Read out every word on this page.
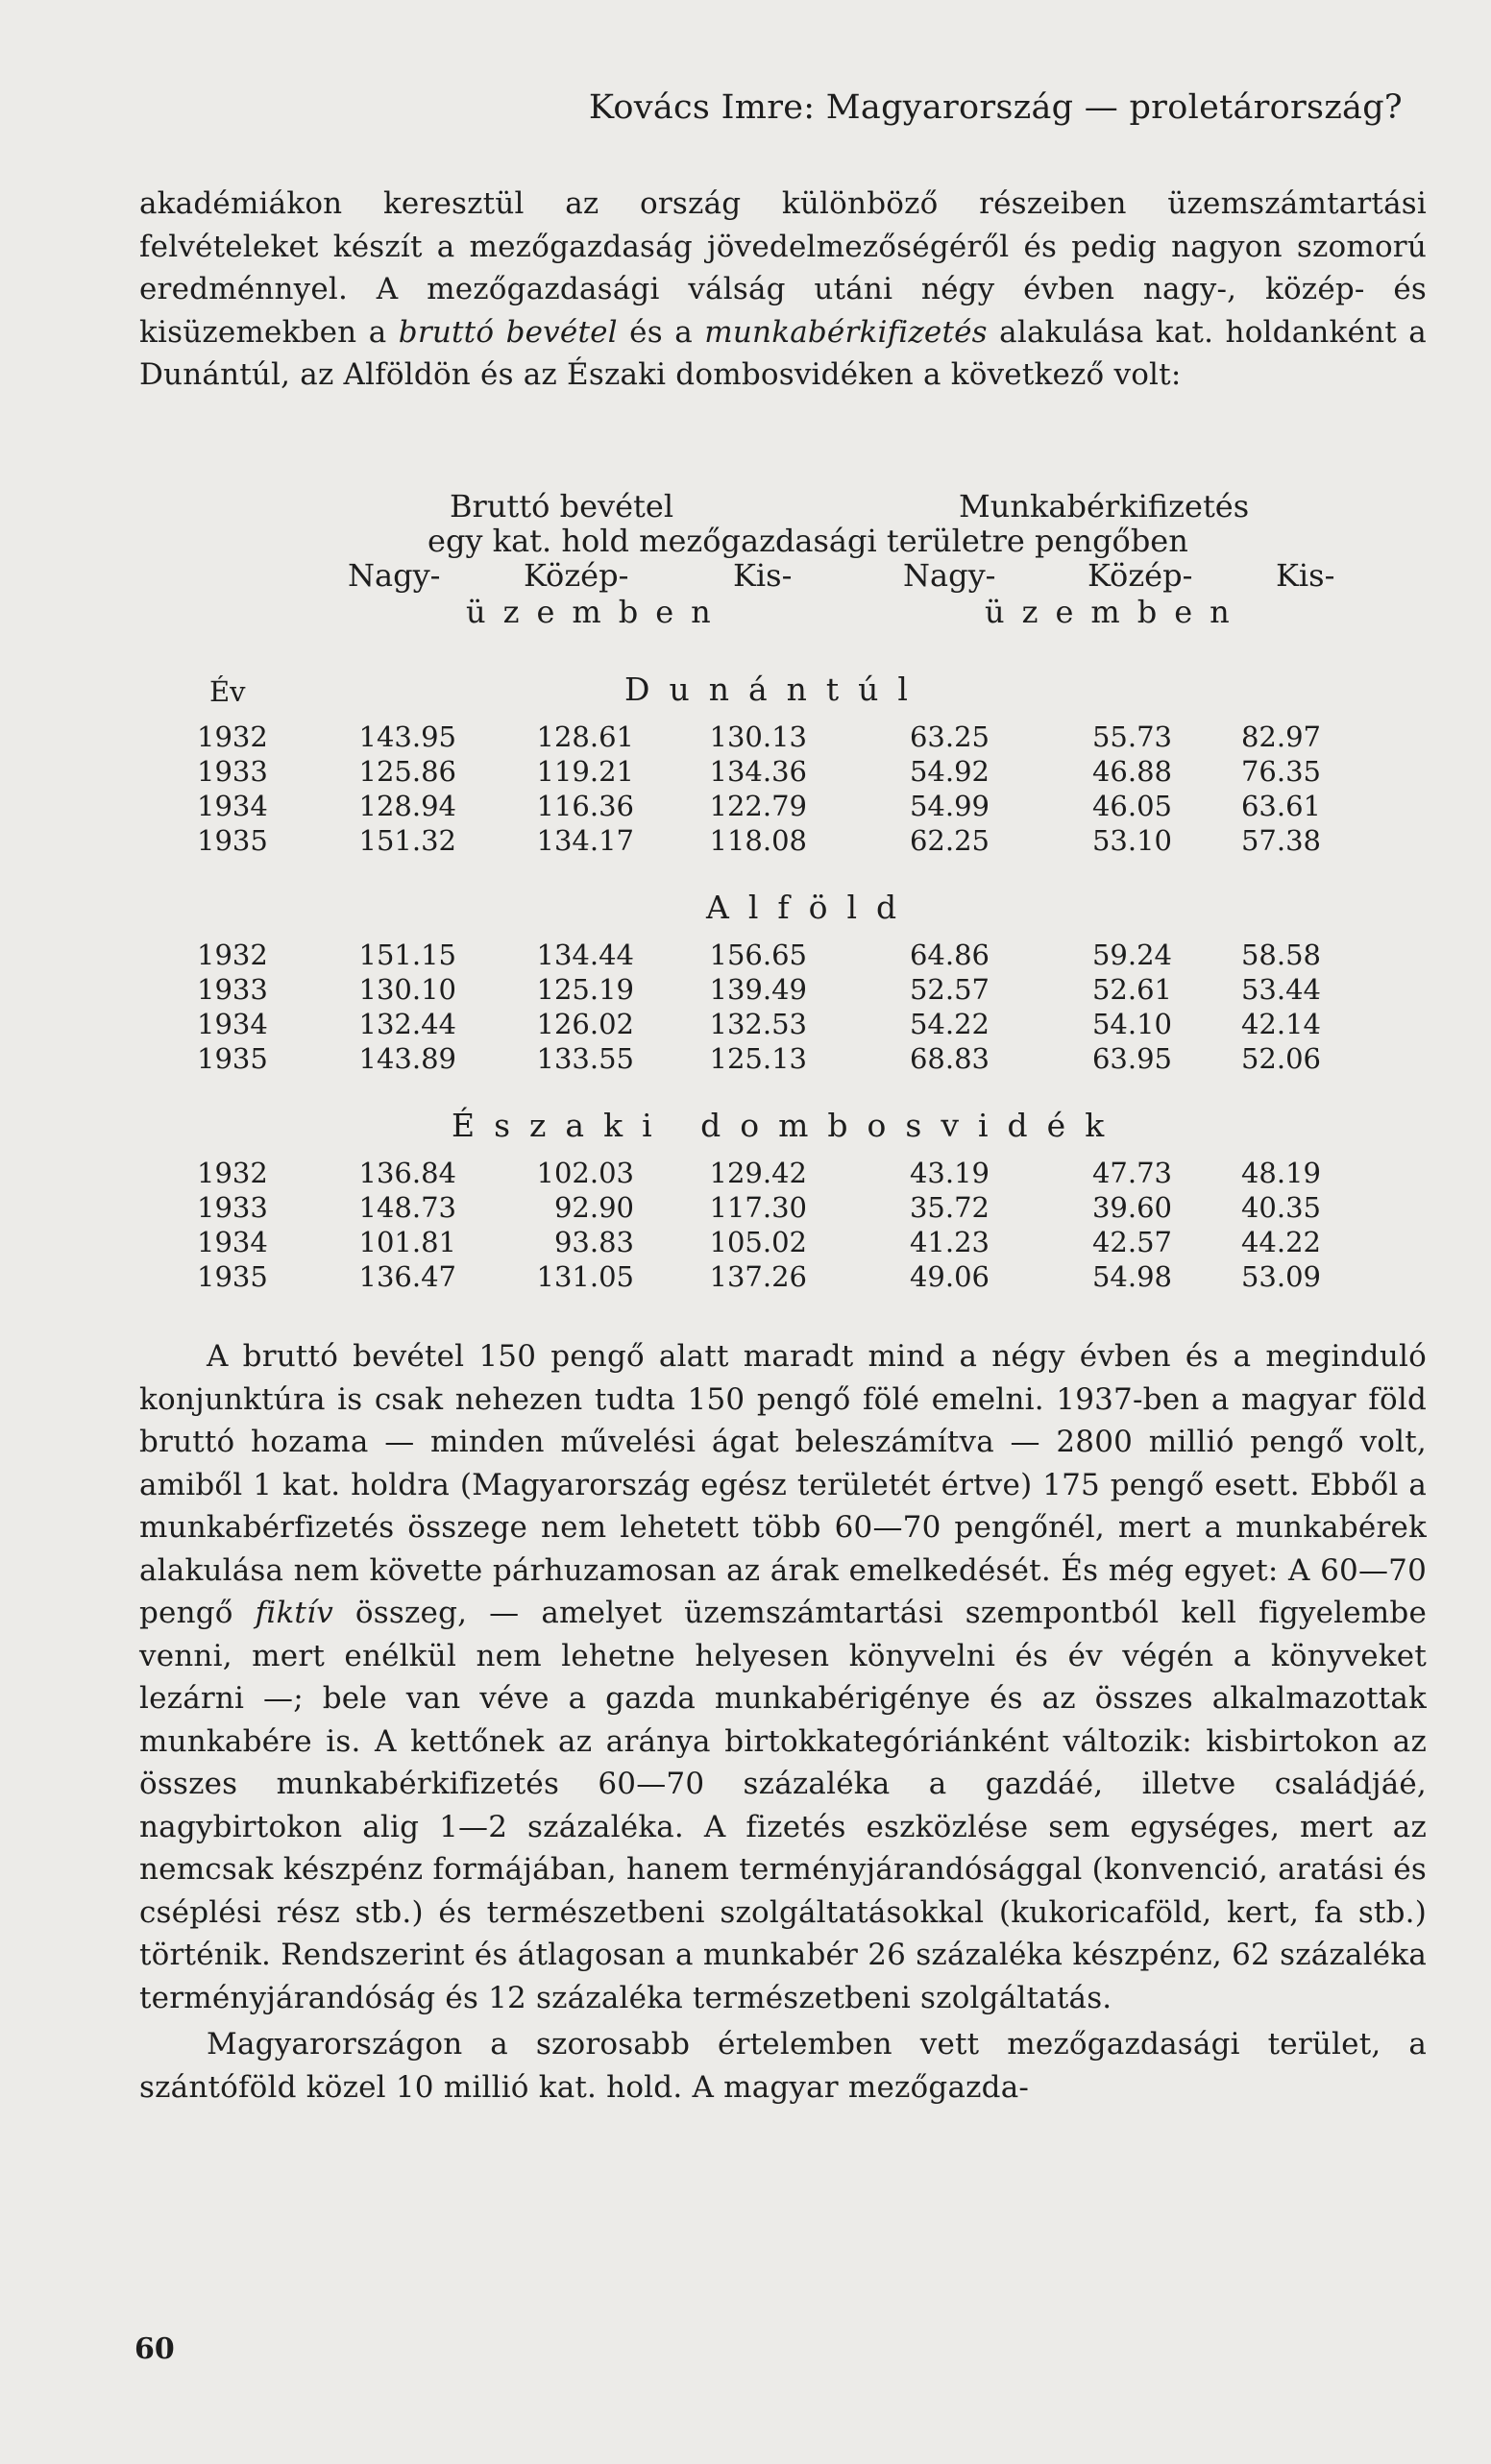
Kovács Imre: Magyarország — proletárország?

akadémiákon keresztül az ország különböző részeiben üzemszámtartási felvételeket készít a mezőgazdaság jövedelmezőségéről és pedig nagyon szomorú eredménnyel. A mezőgazdasági válság utáni négy évben nagy-, közép- és kisüzemekben a bruttó bevétel és a munkabérkifizetés alakulása kat. holdanként a Dunántúl, az Alföldön és az Északi dombosvidéken a következő volt:

Bruttó bevétel	Munkabérkifizetés
egy kat. hold mezőgazdasági területre pengőben
Nagy-	Közép-	Kis-	Nagy-	Közép-	Kis-
üzemben	üzemben
Év	Dunántúl
1932	143.95	128.61	130.13	63.25	55.73	82.97
1933	125.86	119.21	134.36	54.92	46.88	76.35
1934	128.94	116.36	122.79	54.99	46.05	63.61
1935	151.32	134.17	118.08	62.25	53.10	57.38
Alföld
1932	151.15	134.44	156.65	64.86	59.24	58.58
1933	130.10	125.19	139.49	52.57	52.61	53.44
1934	132.44	126.02	132.53	54.22	54.10	42.14
1935	143.89	133.55	125.13	68.83	63.95	52.06
Északi dombosvidék
1932	136.84	102.03	129.42	43.19	47.73	48.19
1933	148.73	92.90	117.30	35.72	39.60	40.35
1934	101.81	93.83	105.02	41.23	42.57	44.22
1935	136.47	131.05	137.26	49.06	54.98	53.09

A bruttó bevétel 150 pengő alatt maradt mind a négy évben és a meginduló konjunktúra is csak nehezen tudta 150 pengő fölé emelni. 1937-ben a magyar föld bruttó hozama — minden művelési ágat beleszámítva — 2800 millió pengő volt, amiből 1 kat. holdra (Magyarország egész területét értve) 175 pengő esett. Ebből a munkabérfizetés összege nem lehetett több 60—70 pengőnél, mert a munkabérek alakulása nem követte párhuzamosan az árak emelkedését. És még egyet: A 60—70 pengő fiktív összeg, — amelyet üzemszámtartási szempontból kell figyelembe venni, mert enélkül nem lehetne helyesen könyvelni és év végén a könyveket lezárni —; bele van véve a gazda munkabérigénye és az összes alkalmazottak munkabére is. A kettőnek az aránya birtokkategóriánként változik: kisbirtokon az összes munkabérkifizetés 60—70 százaléka a gazdáé, illetve családjáé, nagybirtokon alig 1—2 százaléka. A fizetés eszközlése sem egységes, mert az nemcsak készpénz formájában, hanem terményjárandósággal (konvenció, aratási és cséplési rész stb.) és természetbeni szolgáltatásokkal (kukoricaföld, kert, fa stb.) történik. Rendszerint és átlagosan a munkabér 26 százaléka készpénz, 62 százaléka terményjárandóság és 12 százaléka természetbeni szolgáltatás.

Magyarországon a szorosabb értelemben vett mezőgazdasági terület, a szántóföld közel 10 millió kat. hold. A magyar mezőgazda-

60
